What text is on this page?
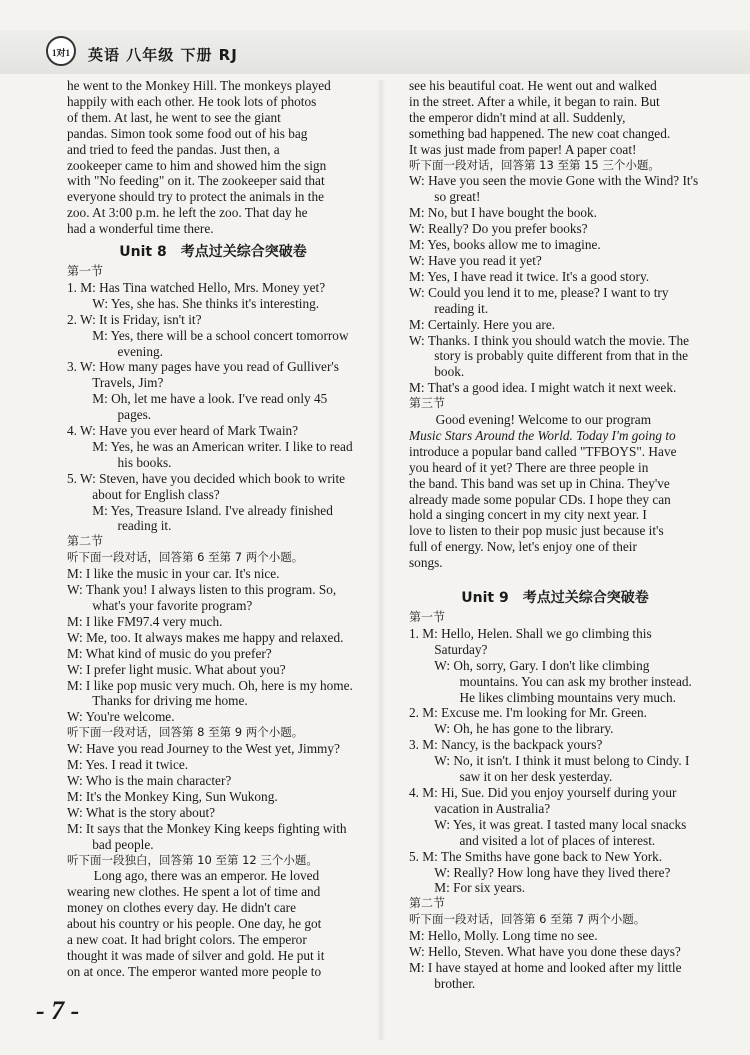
1对1	英语 八年级 下册 RJ

he went to the Monkey Hill. The monkeys played

happily with each other. He took lots of photos

of them. At last, he went to see the giant

pandas. Simon took some food out of his bag

and tried to feed the pandas. Just then, a

zookeeper came to him and showed him the sign

with "No feeding" on it. The zookeeper said that

everyone should try to protect the animals in the

zoo. At 3:00 p.m. he left the zoo. That day he

had a wonderful time there.

Unit 8　考点过关综合突破卷

第一节

1. M: Has Tina watched Hello, Mrs. Money yet?

W: Yes, she has. She thinks it's interesting.

2. W: It is Friday, isn't it?

M: Yes, there will be a school concert tomorrow evening.

3. W: How many pages have you read of Gulliver's Travels, Jim?

M: Oh, let me have a look. I've read only 45 pages.

4. W: Have you ever heard of Mark Twain?

M: Yes, he was an American writer. I like to read his books.

5. W: Steven, have you decided which book to write about for English class?

M: Yes, Treasure Island. I've already finished reading it.

第二节

听下面一段对话，回答第 6 至第 7 两个小题。

M: I like the music in your car. It's nice.

W: Thank you! I always listen to this program. So, what's your favorite program?

M: I like FM97.4 very much.

W: Me, too. It always makes me happy and relaxed.

M: What kind of music do you prefer?

W: I prefer light music. What about you?

M: I like pop music very much. Oh, here is my home. Thanks for driving me home.

W: You're welcome.

听下面一段对话，回答第 8 至第 9 两个小题。

W: Have you read Journey to the West yet, Jimmy?

M: Yes. I read it twice.

W: Who is the main character?

M: It's the Monkey King, Sun Wukong.

W: What is the story about?

M: It says that the Monkey King keeps fighting with bad people.

听下面一段独白，回答第 10 至第 12 三个小题。

Long ago, there was an emperor. He loved

wearing new clothes. He spent a lot of time and

money on clothes every day. He didn't care

about his country or his people. One day, he got

a new coat. It had bright colors. The emperor

thought it was made of silver and gold. He put it

on at once. The emperor wanted more people to

see his beautiful coat. He went out and walked

in the street. After a while, it began to rain. But

the emperor didn't mind at all. Suddenly,

something bad happened. The new coat changed.

It was just made from paper! A paper coat!

听下面一段对话，回答第 13 至第 15 三个小题。

W: Have you seen the movie Gone with the Wind? It's so great!

M: No, but I have bought the book.

W: Really? Do you prefer books?

M: Yes, books allow me to imagine.

W: Have you read it yet?

M: Yes, I have read it twice. It's a good story.

W: Could you lend it to me, please? I want to try reading it.

M: Certainly. Here you are.

W: Thanks. I think you should watch the movie. The story is probably quite different from that in the book.

M: That's a good idea. I might watch it next week.

第三节

Good evening! Welcome to our program

Music Stars Around the World. Today I'm going to

introduce a popular band called "TFBOYS". Have

you heard of it yet? There are three people in

the band. This band was set up in China. They've

already made some popular CDs. I hope they can

hold a singing concert in my city next year. I

love to listen to their pop music just because it's

full of energy. Now, let's enjoy one of their

songs.

Unit 9　考点过关综合突破卷

第一节

1. M: Hello, Helen. Shall we go climbing this Saturday?

W: Oh, sorry, Gary. I don't like climbing mountains. You can ask my brother instead. He likes climbing mountains very much.

2. M: Excuse me. I'm looking for Mr. Green.

W: Oh, he has gone to the library.

3. M: Nancy, is the backpack yours?

W: No, it isn't. I think it must belong to Cindy. I saw it on her desk yesterday.

4. M: Hi, Sue. Did you enjoy yourself during your vacation in Australia?

W: Yes, it was great. I tasted many local snacks and visited a lot of places of interest.

5. M: The Smiths have gone back to New York.

W: Really? How long have they lived there?

M: For six years.

第二节

听下面一段对话，回答第 6 至第 7 两个小题。

M: Hello, Molly. Long time no see.

W: Hello, Steven. What have you done these days?

M: I have stayed at home and looked after my little brother.

- 7 -
